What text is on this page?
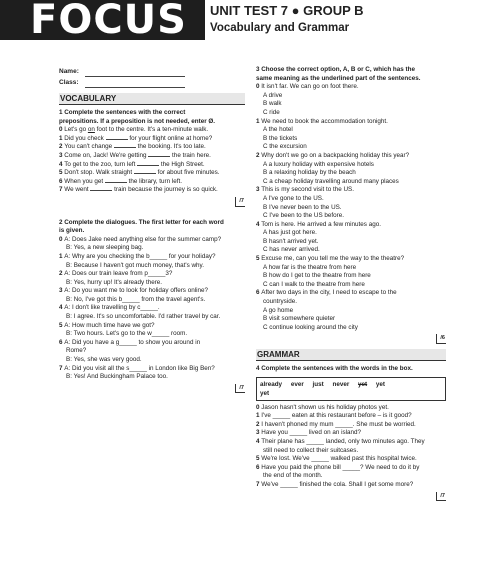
FOCUS UNIT TEST 7 ● GROUP B
Vocabulary and Grammar
Name:
Class:
VOCABULARY
1 Complete the sentences with the correct
prepositions. If a preposition is not needed, enter Ø.
0 Let's go on foot to the centre. It's a ten-minute walk.
1 Did you check	for your flight online at home?
2 You can't change	the booking. It's too late.
3 Come on, Jack! We're getting	the train here.
4 To get to the zoo, turn left	the High Street.
5 Don't stop. Walk straight	for about five minutes.
6 When you get	the library, turn left.
7 We went	train because the journey is so quick.
/7
2 Complete the dialogues. The first letter for each word
is given.
0 A: Does Jake need anything else for the summer camp?
B: Yes, a new sleeping bag.
1 A: Why are you checking the b_____ for your holiday?
B: Because I haven't got much money, that's why.
2 A: Does our train leave from p_____3?
B: Yes, hurry up! It's already there.
3 A: Do you want me to look for holiday offers online?
B: No, I've got this b_____ from the travel agent's.
4 A: I don't like travelling by c_____.
B: I agree. It's so uncomfortable. I'd rather travel by car.
5 A: How much time have we got?
B: Two hours. Let's go to the w_____ room.
6 A: Did you have a g_____ to show you around in
Rome?
B: Yes, she was very good.
7 A: Did you visit all the s_____ in London like Big Ben?
B: Yes! And Buckingham Palace too.
/7
3 Choose the correct option, A, B or C, which has the
same meaning as the underlined part of the sentences.
0 It isn't far. We can go on foot there.
A drive
B walk
C ride
1 We need to book the accommodation tonight.
A the hotel
B the tickets
C the excursion
2 Why don't we go on a backpacking holiday this year?
A a luxury holiday with expensive hotels
B a relaxing holiday by the beach
C a cheap holiday travelling around many places
3 This is my second visit to the US.
A I've gone to the US.
B I've never been to the US.
C I've been to the US before.
4 Tom is here. He arrived a few minutes ago.
A has just got here.
B hasn't arrived yet.
C has never arrived.
5 Excuse me, can you tell me the way to the theatre?
A how far is the theatre from here
B how do I get to the theatre from here
C can I walk to the theatre from here
6 After two days in the city, I need to escape to the
countryside.
A go home
B visit somewhere quieter
C continue looking around the city
/6
GRAMMAR
4 Complete the sentences with the words in the box.
already ever just never yet yet
yet
0 Jason hasn't shown us his holiday photos yet.
1 I've _____ eaten at this restaurant before – is it good?
2 I haven't phoned my mum _____. She must be worried.
3 Have you _____ lived on an island?
4 Their plane has _____ landed, only two minutes ago. They
still need to collect their suitcases.
5 We're lost. We've _____ walked past this hospital twice.
6 Have you paid the phone bill _____? We need to do it by
the end of the month.
7 We've _____ finished the cola. Shall I get some more?
/7
